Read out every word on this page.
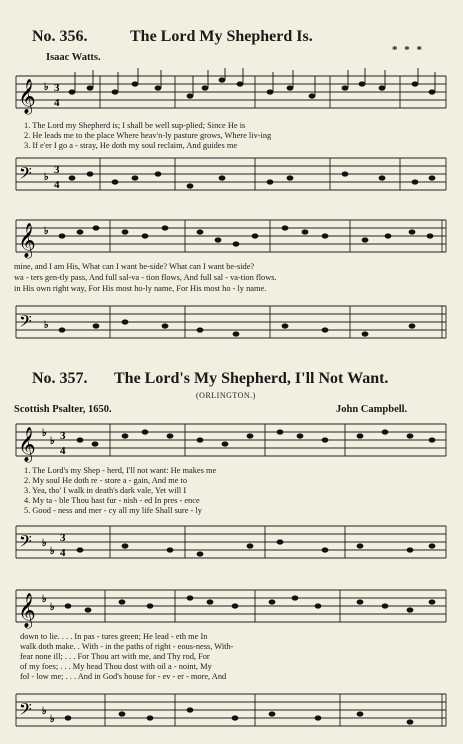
No. 356.	The Lord My Shepherd Is.
Isaac Watts.
* * *
𝄞 ♭ 3
4
1. The Lord my Shepherd is; I shall be well sup-plied; Since He is
2. He leads me to the place Where heav'n-ly pasture grows, Where liv-ing
3. If e'er I go a - stray, He doth my soul reclaim, And guides me
𝄢 ♭
3
4
𝄞 ♭
mine, and I am His, What can I want be-side? What can I want be-side?
wa - ters gen-tly pass, And full sal-va - tion flows, And full sal - va-tion flows.
in His own right way, For His most ho-ly name, For His most ho - ly name.
𝄢 ♭
No. 357. The Lord's My Shepherd, I'll Not Want.
(ORLINGTON.)
Scottish Psalter, 1650.	John Campbell.
𝄞 ♭
♭ 3
4
1. The Lord's my Shep - herd, I'll not want: He makes me
2. My soul He doth re - store a - gain, And me to
3. Yea, tho' I walk in death's dark vale, Yet will I
4. My ta - ble Thou hast fur - nish - ed In pres - ence
5. Good - ness and mer - cy all my life Shall sure - ly
𝄢 ♭
♭
3
4
𝄞 ♭
♭
down to lie. . . . In pas - tures green; He lead - eth me In
walk doth make. . With - in the paths of right - eous-ness, With-
fear none ill; . . . For Thou art with me, and Thy rod, For
of my foes; . . . My head Thou dost with oil a - noint, My
fol - low me; . . . And in God's house for - ev - er - more, And
𝄢 ♭
♭
